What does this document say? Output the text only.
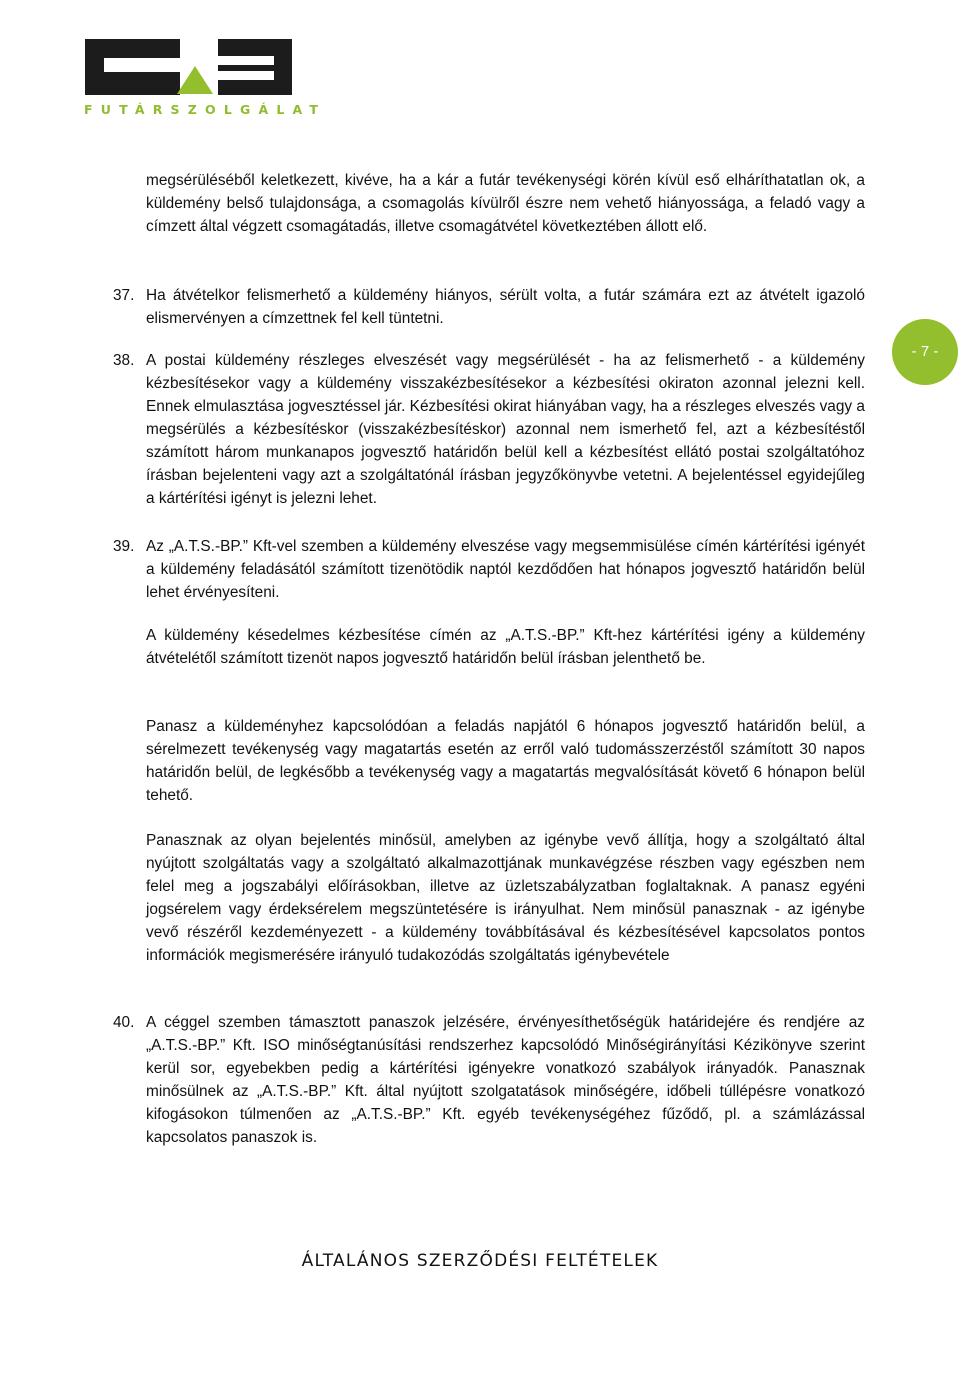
FUTÁRSZOLGÁLAT
- 7 -

megsérüléséből keletkezett, kivéve, ha a kár a futár tevékenységi körén kívül eső elháríthatatlan ok, a küldemény belső tulajdonsága, a csomagolás kívülről észre nem vehető hiányossága, a feladó vagy a címzett által végzett csomagátadás, illetve csomagátvétel következtében állott elő.

37. Ha átvételkor felismerhető a küldemény hiányos, sérült volta, a futár számára ezt az átvételt igazoló elismervényen a címzettnek fel kell tüntetni.
38. A postai küldemény részleges elveszését vagy megsérülését - ha az felismerhető - a küldemény kézbesítésekor vagy a küldemény visszakézbesítésekor a kézbesítési okiraton azonnal jelezni kell. Ennek elmulasztása jogvesztéssel jár. Kézbesítési okirat hiányában vagy, ha a részleges elveszés vagy a megsérülés a kézbesítéskor (visszakézbesítéskor) azonnal nem ismerhető fel, azt a kézbesítéstől számított három munkanapos jogvesztő határidőn belül kell a kézbesítést ellátó postai szolgáltatóhoz írásban bejelenteni vagy azt a szolgáltatónál írásban jegyzőkönyvbe vetetni. A bejelentéssel egyidejűleg a kártérítési igényt is jelezni lehet.
39. Az „A.T.S.-BP.” Kft-vel szemben a küldemény elveszése vagy megsemmisülése címén kártérítési igényét a küldemény feladásától számított tizenötödik naptól kezdődően hat hónapos jogvesztő határidőn belül lehet érvényesíteni.

A küldemény késedelmes kézbesítése címén az „A.T.S.-BP.” Kft-hez kártérítési igény a küldemény átvételétől számított tizenöt napos jogvesztő határidőn belül írásban jelenthető be.

Panasz a küldeményhez kapcsolódóan a feladás napjától 6 hónapos jogvesztő határidőn belül, a sérelmezett tevékenység vagy magatartás esetén az erről való tudomásszerzéstől számított 30 napos határidőn belül, de legkésőbb a tevékenység vagy a magatartás megvalósítását követő 6 hónapon belül tehető.

Panasznak az olyan bejelentés minősül, amelyben az igénybe vevő állítja, hogy a szolgáltató által nyújtott szolgáltatás vagy a szolgáltató alkalmazottjának munkavégzése részben vagy egészben nem felel meg a jogszabályi előírásokban, illetve az üzletszabályzatban foglaltaknak. A panasz egyéni jogsérelem vagy érdeksérelem megszüntetésére is irányulhat. Nem minősül panasznak - az igénybe vevő részéről kezdeményezett - a küldemény továbbításával és kézbesítésével kapcsolatos pontos információk megismerésére irányuló tudakozódás szolgáltatás igénybevétele

40. A céggel szemben támasztott panaszok jelzésére, érvényesíthetőségük határidejére és rendjére az „A.T.S.-BP.” Kft. ISO minőségtanúsítási rendszerhez kapcsolódó Minőségirányítási Kézikönyve szerint kerül sor, egyebekben pedig a kártérítési igényekre vonatkozó szabályok irányadók. Panasznak minősülnek az „A.T.S.-BP.” Kft. által nyújtott szolgatatások minőségére, időbeli túllépésre vonatkozó kifogásokon túlmenően az „A.T.S.-BP.” Kft. egyéb tevékenységéhez fűződő, pl. a számlázással kapcsolatos panaszok is.
ÁLTALÁNOS SZERZŐDÉSI FELTÉTELEK
